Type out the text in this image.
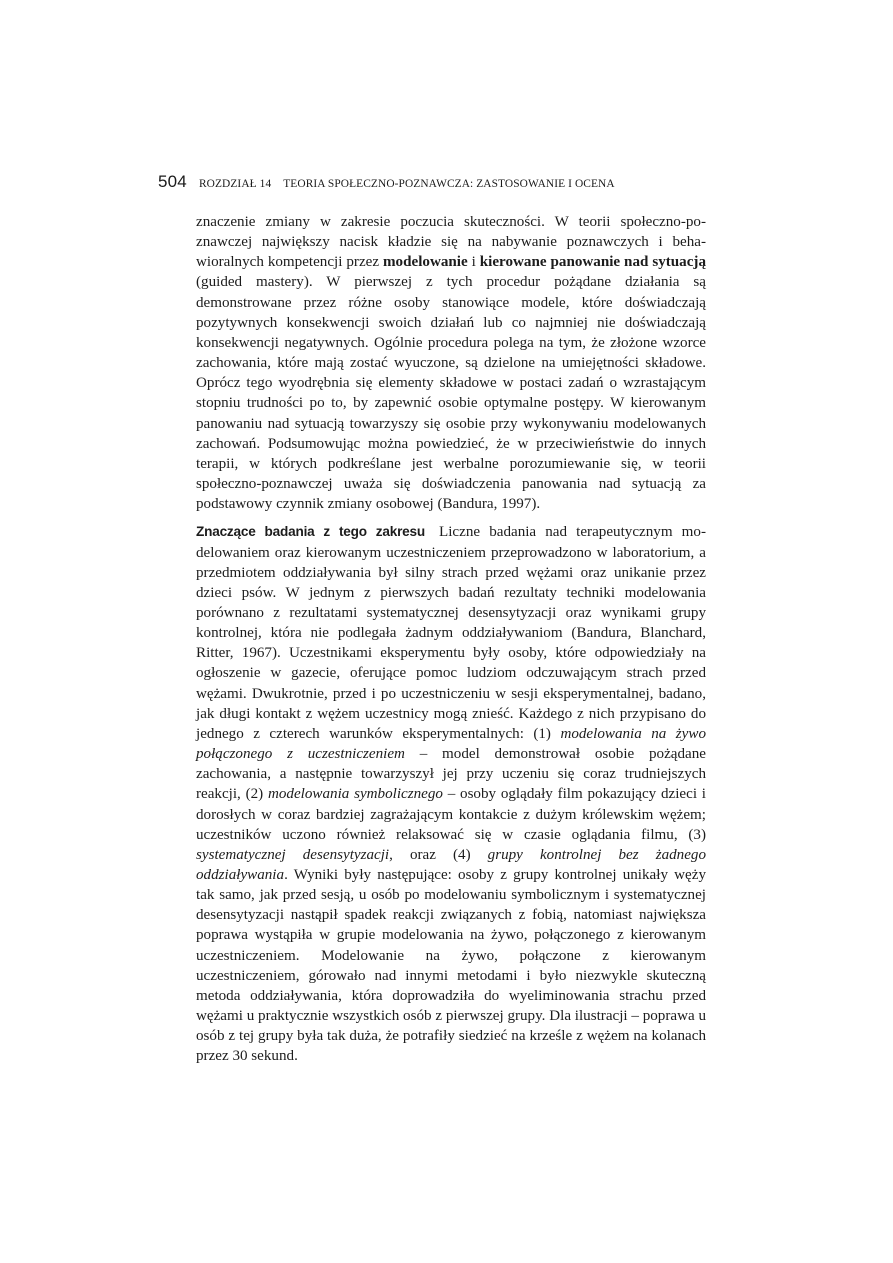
504 ROZDZIAŁ 14 TEORIA SPOŁECZNO-POZNAWCZA: ZASTOSOWANIE I OCENA

znaczenie zmiany w zakresie poczucia skuteczności. W teorii społeczno-poznawczej największy nacisk kładzie się na nabywanie poznawczych i behawioralnych kompetencji przez modelowanie i kierowane panowanie nad sytuacją (guided mastery). W pierwszej z tych procedur pożądane działania są demonstrowane przez różne osoby stanowiące modele, które doświadczają pozytywnych konsekwencji swoich działań lub co najmniej nie doświadczają konsekwencji negatywnych. Ogólnie procedura polega na tym, że złożone wzorce zachowania, które mają zostać wyuczone, są dzielone na umiejętności składowe. Oprócz tego wyodrębnia się elementy składowe w postaci zadań o wzrastającym stopniu trudności po to, by zapewnić osobie optymalne postępy. W kierowanym panowaniu nad sytuacją towarzyszy się osobie przy wykonywaniu modelowanych zachowań. Podsumowując można powiedzieć, że w przeciwieństwie do innych terapii, w których podkreślane jest werbalne porozumiewanie się, w teorii społeczno-poznawczej uważa się doświadczenia panowania nad sytuacją za podstawowy czynnik zmiany osobowej (Bandura, 1997).

Znaczące badania z tego zakresu Liczne badania nad terapeutycznym modelowaniem oraz kierowanym uczestniczeniem przeprowadzono w laboratorium, a przedmiotem oddziaływania był silny strach przed wężami oraz unikanie przez dzieci psów. W jednym z pierwszych badań rezultaty techniki modelowania porównano z rezultatami systematycznej desensytyzacji oraz wynikami grupy kontrolnej, która nie podlegała żadnym oddziaływaniom (Bandura, Blanchard, Ritter, 1967). Uczestnikami eksperymentu były osoby, które odpowiedziały na ogłoszenie w gazecie, oferujące pomoc ludziom odczuwającym strach przed wężami. Dwukrotnie, przed i po uczestniczeniu w sesji eksperymentalnej, badano, jak długi kontakt z wężem uczestnicy mogą znieść. Każdego z nich przypisano do jednego z czterech warunków eksperymentalnych: (1) modelowania na żywo połączonego z uczestniczeniem – model demonstrował osobie pożądane zachowania, a następnie towarzyszył jej przy uczeniu się coraz trudniejszych reakcji, (2) modelowania symbolicznego – osoby oglądały film pokazujący dzieci i dorosłych w coraz bardziej zagrażającym kontakcie z dużym królewskim wężem; uczestników uczono również relaksować się w czasie oglądania filmu, (3) systematycznej desensytyzacji, oraz (4) grupy kontrolnej bez żadnego oddziaływania. Wyniki były następujące: osoby z grupy kontrolnej unikały węży tak samo, jak przed sesją, u osób po modelowaniu symbolicznym i systematycznej desensytyzacji nastąpił spadek reakcji związanych z fobią, natomiast największa poprawa wystąpiła w grupie modelowania na żywo, połączonego z kierowanym uczestniczeniem. Modelowanie na żywo, połączone z kierowanym uczestniczeniem, górowało nad innymi metodami i było niezwykle skuteczną metoda oddziaływania, która doprowadziła do wyeliminowania strachu przed wężami u praktycznie wszystkich osób z pierwszej grupy. Dla ilustracji – poprawa u osób z tej grupy była tak duża, że potrafiły siedzieć na krześle z wężem na kolanach przez 30 sekund.
